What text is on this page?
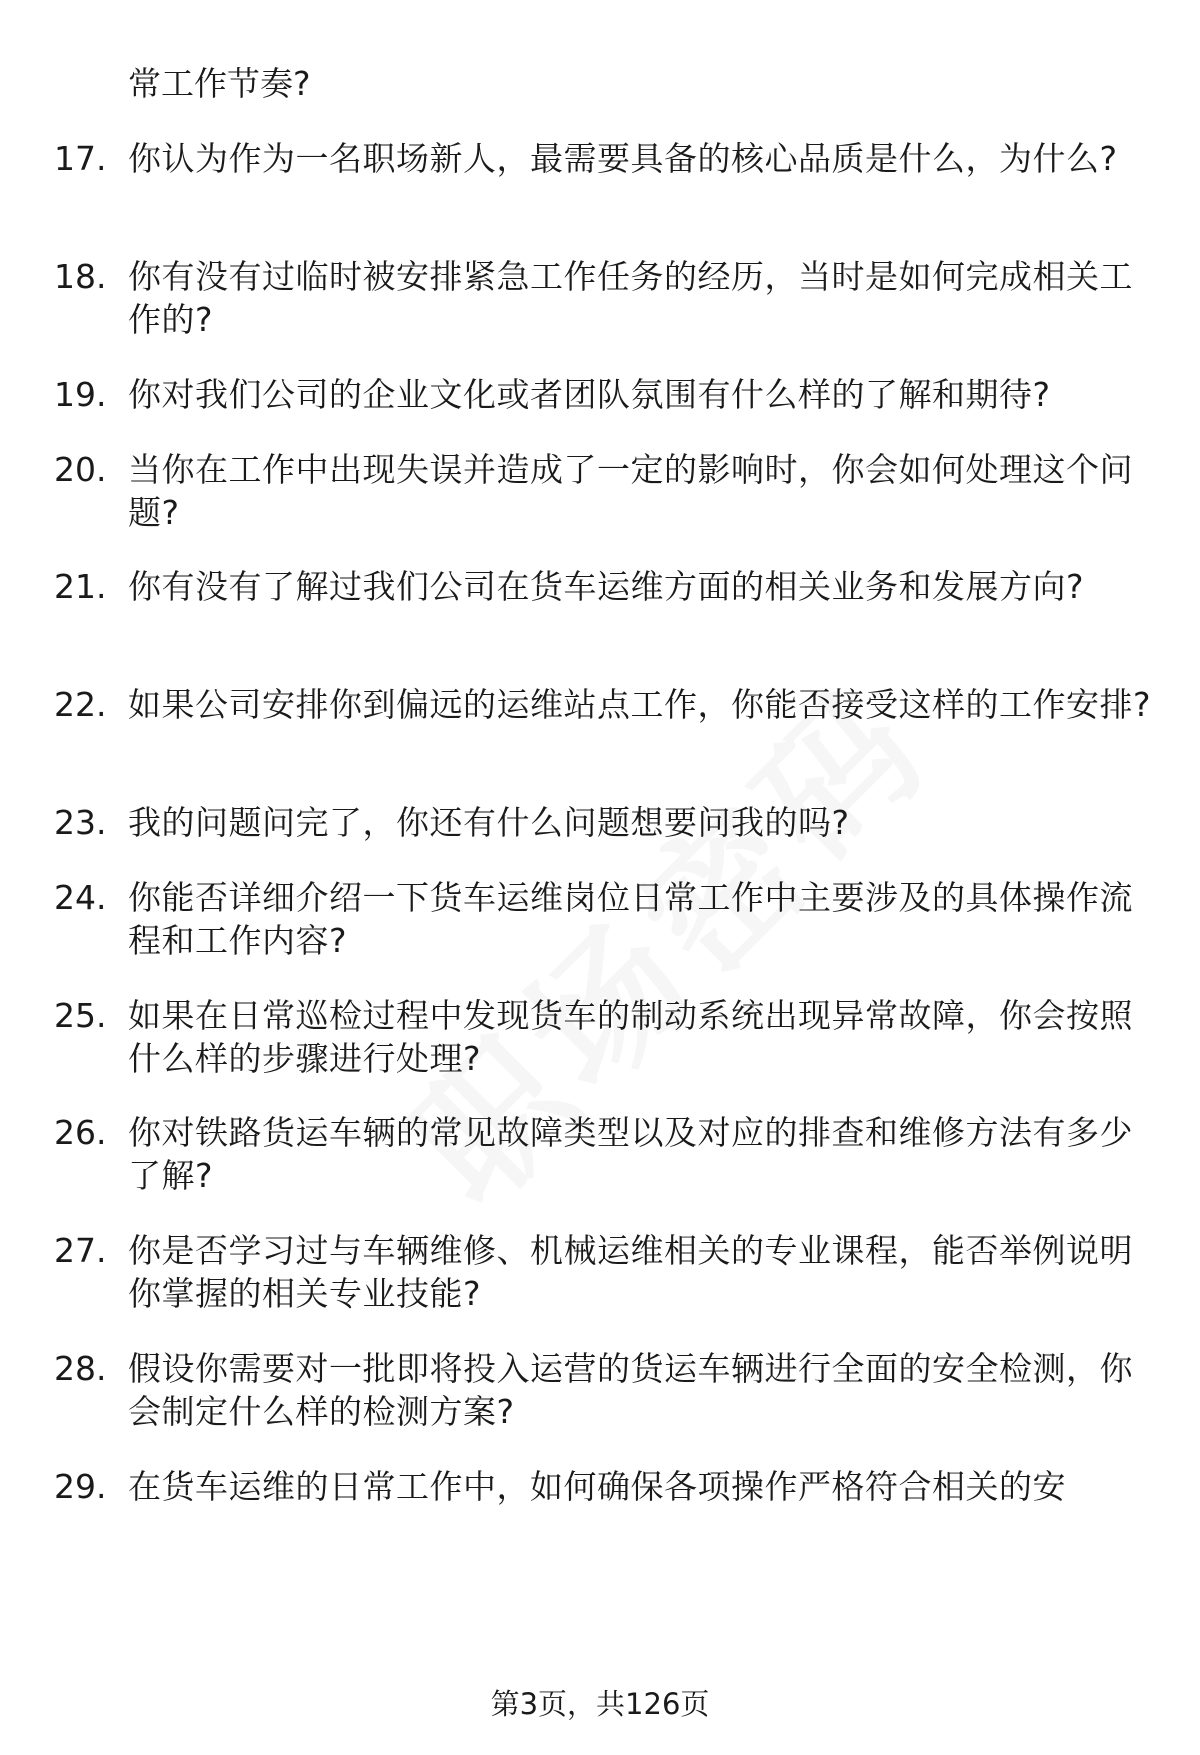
常工作节奏?

17. 你认为作为一名职场新人，最需要具备的核心品质是什么，为什么?
18. 你有没有过临时被安排紧急工作任务的经历，当时是如何完成相关工作的?
19. 你对我们公司的企业文化或者团队氛围有什么样的了解和期待?
20. 当你在工作中出现失误并造成了一定的影响时，你会如何处理这个问题?
21. 你有没有了解过我们公司在货车运维方面的相关业务和发展方向?
22. 如果公司安排你到偏远的运维站点工作，你能否接受这样的工作安排?
23. 我的问题问完了，你还有什么问题想要问我的吗?
24. 你能否详细介绍一下货车运维岗位日常工作中主要涉及的具体操作流程和工作内容?
25. 如果在日常巡检过程中发现货车的制动系统出现异常故障，你会按照什么样的步骤进行处理?
26. 你对铁路货运车辆的常见故障类型以及对应的排查和维修方法有多少了解?
27. 你是否学习过与车辆维修、机械运维相关的专业课程，能否举例说明你掌握的相关专业技能?
28. 假设你需要对一批即将投入运营的货运车辆进行全面的安全检测，你会制定什么样的检测方案?
29. 在货车运维的日常工作中，如何确保各项操作严格符合相关的安
第3页，共126页
